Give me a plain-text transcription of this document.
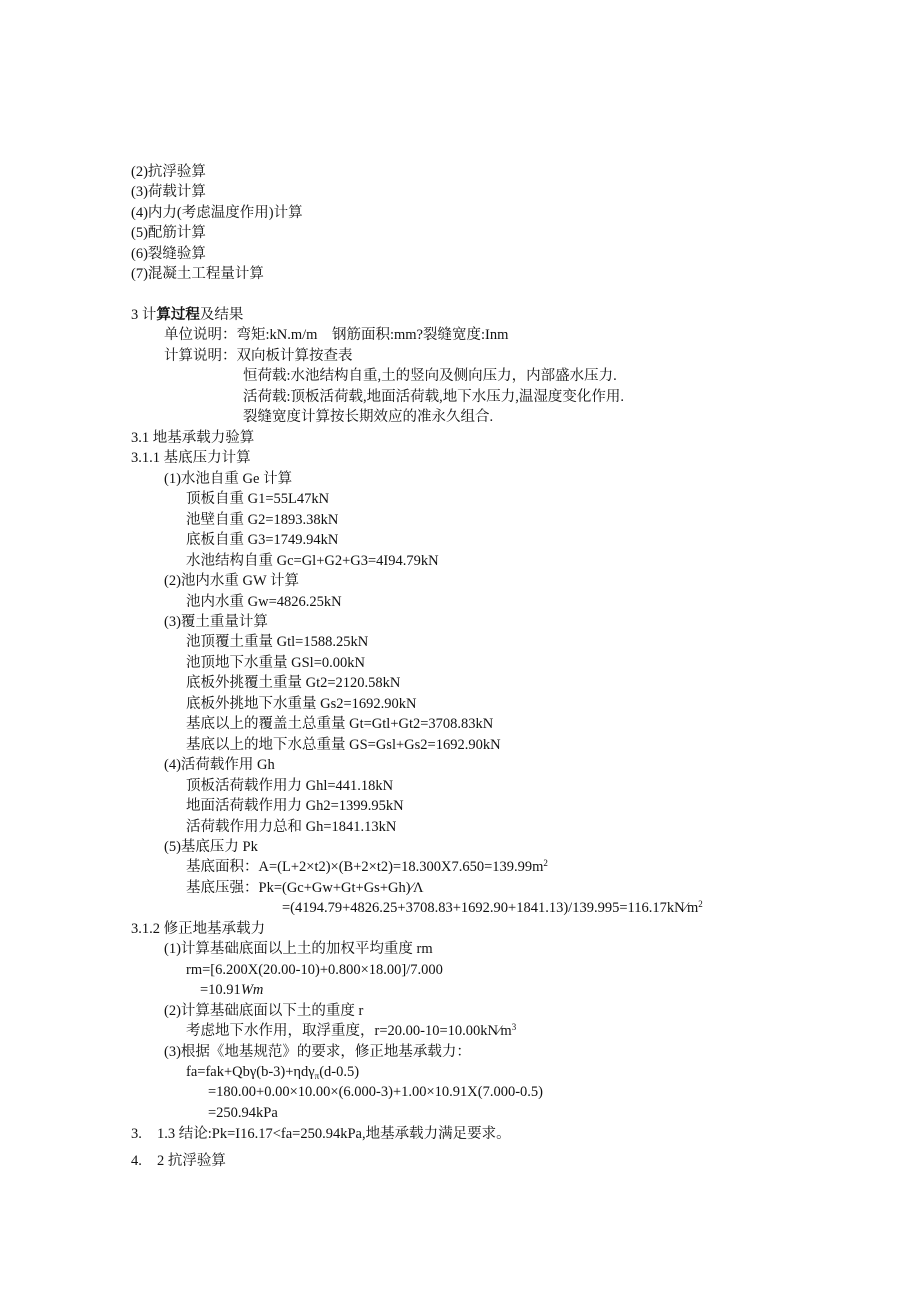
(2)抗浮验算
(3)荷载计算
(4)内力(考虑温度作用)计算
(5)配筋计算
(6)裂缝验算
(7)混凝土工程量计算
3 计算过程及结果
单位说明：弯矩:kN.m/m　钢筋面积:mm?裂缝宽度:Inm
计算说明：双向板计算按查表
恒荷载:水池结构自重,土的竖向及侧向压力，内部盛水压力.
活荷载:顶板活荷载,地面活荷载,地下水压力,温湿度变化作用.
裂缝宽度计算按长期效应的准永久组合.
3.1 地基承载力验算
3.1.1 基底压力计算
(1)水池自重 Ge 计算
顶板自重 G1=55L47kN
池壁自重 G2=1893.38kN
底板自重 G3=1749.94kN
水池结构自重 Gc=Gl+G2+G3=4I94.79kN
(2)池内水重 GW 计算
池内水重 Gw=4826.25kN
(3)覆土重量计算
池顶覆土重量 Gtl=1588.25kN
池顶地下水重量 GSl=0.00kN
底板外挑覆土重量 Gt2=2120.58kN
底板外挑地下水重量 Gs2=1692.90kN
基底以上的覆盖土总重量 Gt=Gtl+Gt2=3708.83kN
基底以上的地下水总重量 GS=Gsl+Gs2=1692.90kN
(4)活荷载作用 Gh
顶板活荷载作用力 Ghl=441.18kN
地面活荷载作用力 Gh2=1399.95kN
活荷载作用力总和 Gh=1841.13kN
(5)基底压力 Pk
基底面积：$A=(L+2\times t2)\times(B+2\times t2)=18.300X7.650=139.99m^2$
基底压强：Pk=(Gc+Gw+Gt+Gs+Gh)∕Λ
$=(4194.79+4826.25+3708.83+1692.90+1841.13)/139.995=116.17kN∕m^2$
3.1.2 修正地基承载力
(1)计算基础底面以上土的加权平均重度 rm
rm=[6.200X(20.00-10)+0.800×18.00]/7.000
=10.91Wm
(2)计算基础底面以下土的重度 r
考虑地下水作用，取浮重度，$r=20.00-10=10.00kN∕m^3$
(3)根据《地基规范》的要求，修正地基承载力：
fa=fak+Qbγ(b-3)+ηdγ$_\pi$(d-0.5)
=180.00+0.00×10.00×(6.000-3)+1.00×10.91X(7.000-0.5)
=250.94kPa
3. 1.3 结论:Pk=I16.17<fa=250.94kPa,地基承载力满足要求。
4. 2 抗浮验算
